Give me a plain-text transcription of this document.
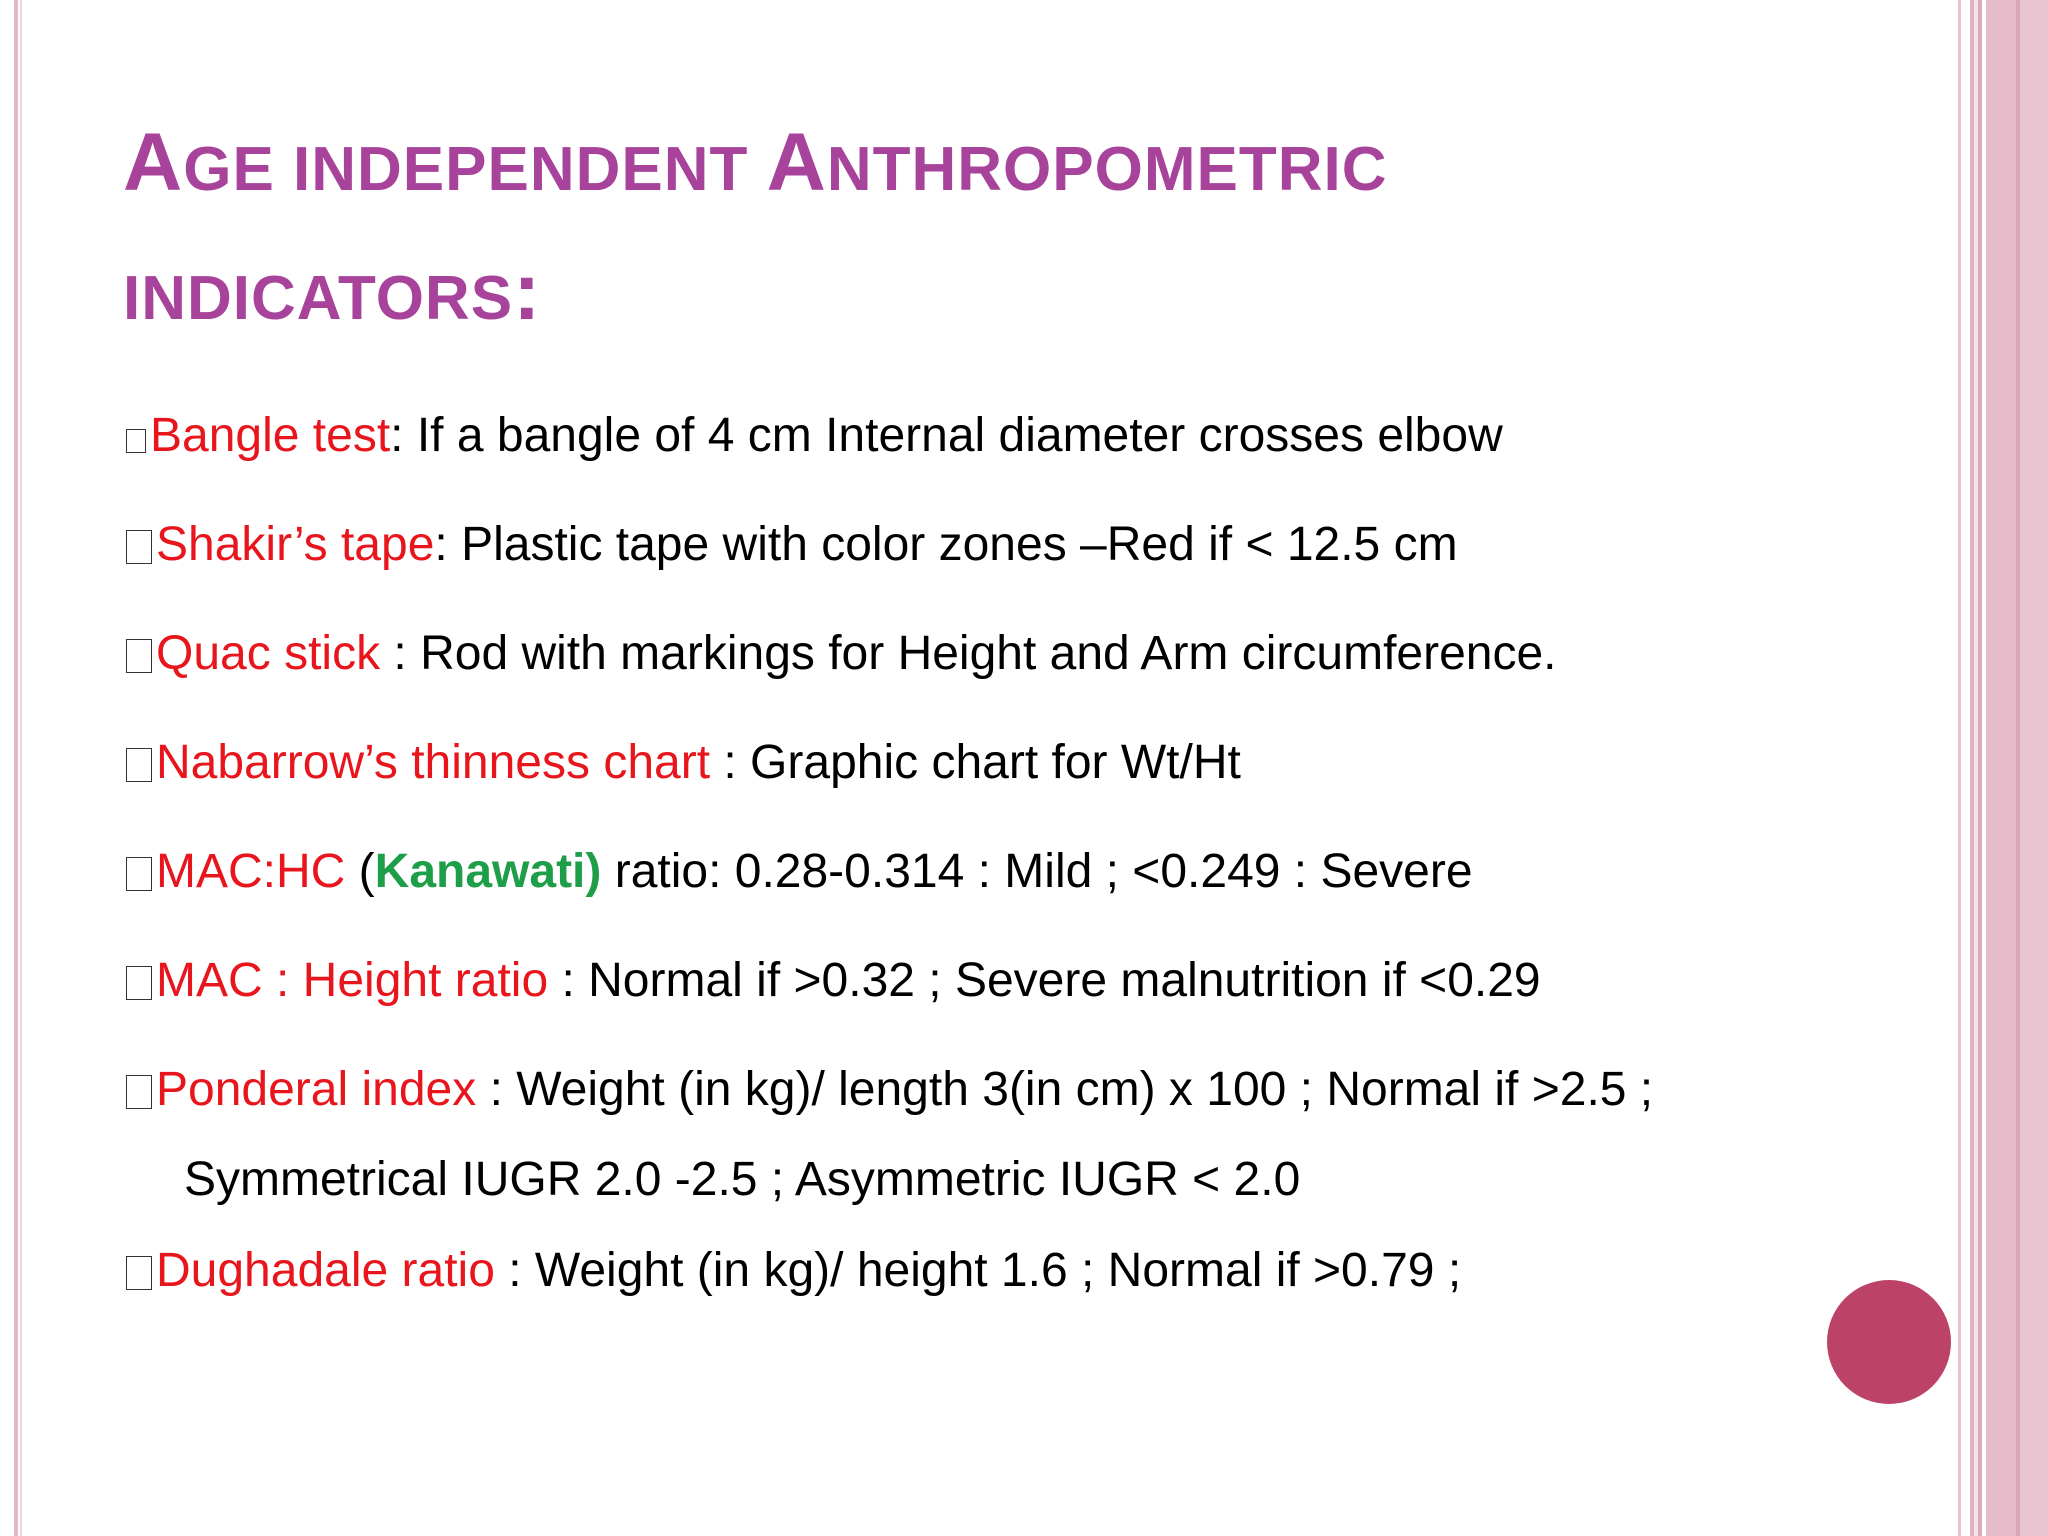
AGE INDEPENDENT ANTHROPOMETRIC
INDICATORS:
Bangle test: If a bangle of 4 cm Internal diameter crosses elbow
Shakir’s tape: Plastic tape with color zones –Red if < 12.5 cm
Quac stick : Rod with markings for Height and Arm circumference.
Nabarrow’s thinness chart : Graphic chart for Wt/Ht
MAC:HC (Kanawati) ratio: 0.28-0.314 : Mild ; <0.249 : Severe
MAC : Height ratio : Normal if >0.32 ; Severe malnutrition if <0.29
Ponderal index : Weight (in kg)/ length 3(in cm) x 100 ; Normal if >2.5 ;
Symmetrical IUGR 2.0 -2.5 ; Asymmetric IUGR < 2.0
Dughadale ratio : Weight (in kg)/ height 1.6 ; Normal if >0.79 ;
